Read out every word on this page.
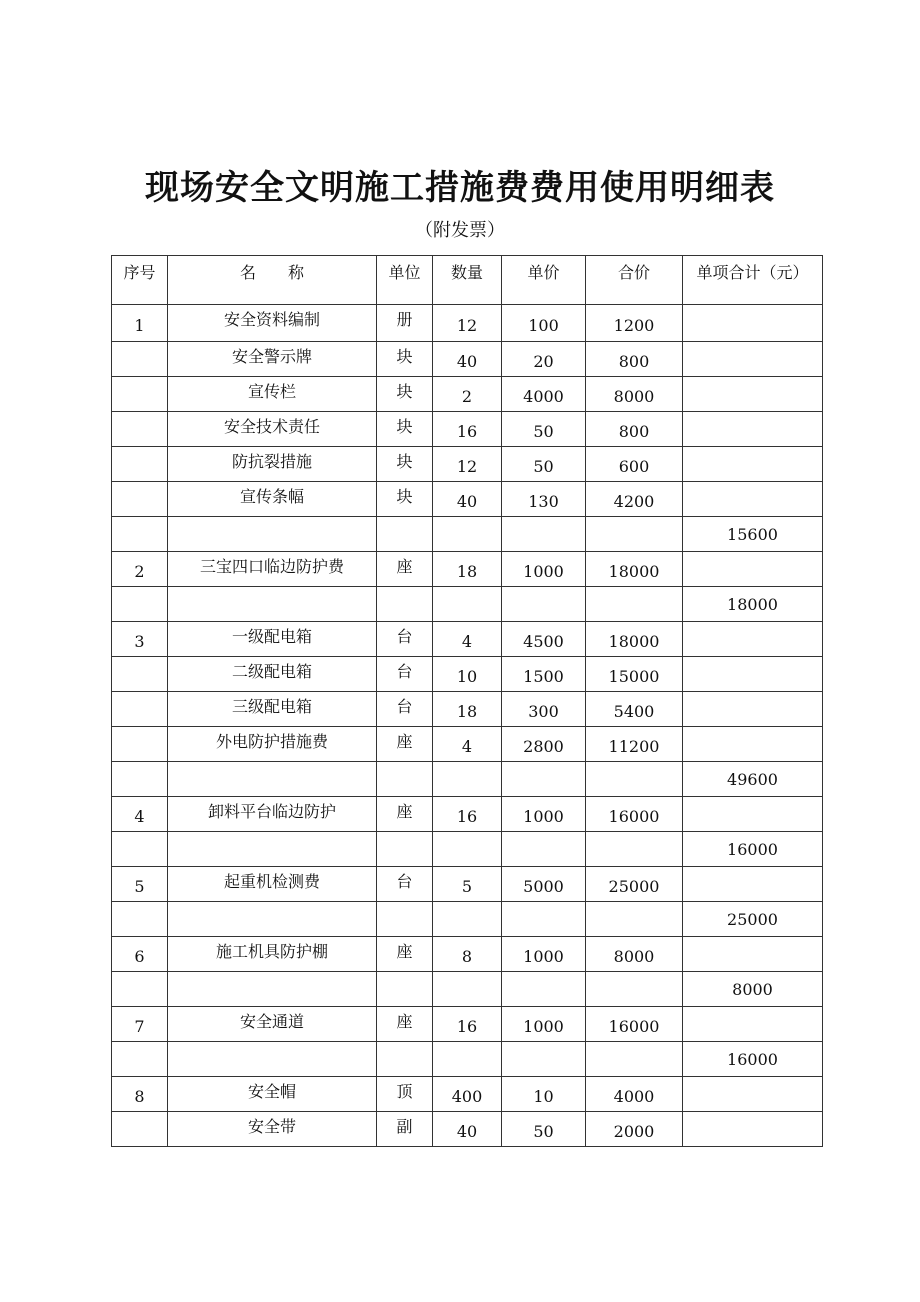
现场安全文明施工措施费费用使用明细表

（附发票）

序号	名　　称	单位	数量	单价	合价	单项合计（元）
1	安全资料编制	册	12	100	1200	
	安全警示牌	块	40	20	800	
	宣传栏	块	2	4000	8000	
	安全技术责任	块	16	50	800	
	防抗裂措施	块	12	50	600	
	宣传条幅	块	40	130	4200	
						15600
2	三宝四口临边防护费	座	18	1000	18000	
						18000
3	一级配电箱	台	4	4500	18000	
	二级配电箱	台	10	1500	15000	
	三级配电箱	台	18	300	5400	
	外电防护措施费	座	4	2800	11200	
						49600
4	卸料平台临边防护	座	16	1000	16000	
						16000
5	起重机检测费	台	5	5000	25000	
						25000
6	施工机具防护棚	座	8	1000	8000	
						8000
7	安全通道	座	16	1000	16000	
						16000
8	安全帽	顶	400	10	4000	
	安全带	副	40	50	2000	
